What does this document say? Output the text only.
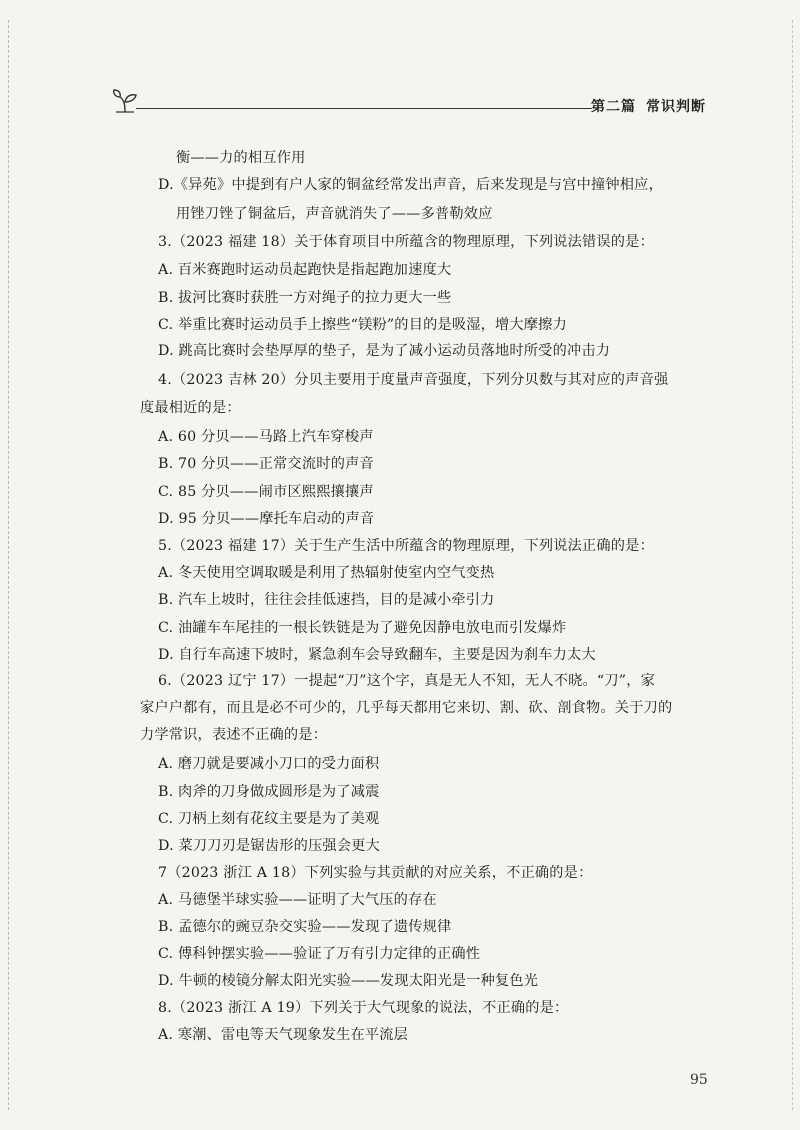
第二篇 常识判断
衡——力的相互作用
D.《异苑》中提到有户人家的铜盆经常发出声音，后来发现是与宫中撞钟相应，
用锉刀锉了铜盆后，声音就消失了——多普勒效应
3.（2023 福建 18）关于体育项目中所蕴含的物理原理，下列说法错误的是：
A. 百米赛跑时运动员起跑快是指起跑加速度大
B. 拔河比赛时获胜一方对绳子的拉力更大一些
C. 举重比赛时运动员手上擦些“镁粉”的目的是吸湿，增大摩擦力
D. 跳高比赛时会垫厚厚的垫子，是为了减小运动员落地时所受的冲击力
4.（2023 吉林 20）分贝主要用于度量声音强度，下列分贝数与其对应的声音强
度最相近的是：
A. 60 分贝——马路上汽车穿梭声
B. 70 分贝——正常交流时的声音
C. 85 分贝——闹市区熙熙攘攘声
D. 95 分贝——摩托车启动的声音
5.（2023 福建 17）关于生产生活中所蕴含的物理原理，下列说法正确的是：
A. 冬天使用空调取暖是利用了热辐射使室内空气变热
B. 汽车上坡时，往往会挂低速挡，目的是减小牵引力
C. 油罐车车尾挂的一根长铁链是为了避免因静电放电而引发爆炸
D. 自行车高速下坡时，紧急刹车会导致翻车，主要是因为刹车力太大
6.（2023 辽宁 17）一提起“刀”这个字，真是无人不知，无人不晓。“刀”，家
家户户都有，而且是必不可少的，几乎每天都用它来切、割、砍、剖食物。关于刀的
力学常识，表述不正确的是：
A. 磨刀就是要减小刀口的受力面积
B. 肉斧的刀身做成圆形是为了减震
C. 刀柄上刻有花纹主要是为了美观
D. 菜刀刀刃是锯齿形的压强会更大
7（2023 浙江 A 18）下列实验与其贡献的对应关系，不正确的是：
A. 马德堡半球实验——证明了大气压的存在
B. 孟德尔的豌豆杂交实验——发现了遗传规律
C. 傅科钟摆实验——验证了万有引力定律的正确性
D. 牛顿的棱镜分解太阳光实验——发现太阳光是一种复色光
8.（2023 浙江 A 19）下列关于大气现象的说法，不正确的是：
A. 寒潮、雷电等天气现象发生在平流层
95
